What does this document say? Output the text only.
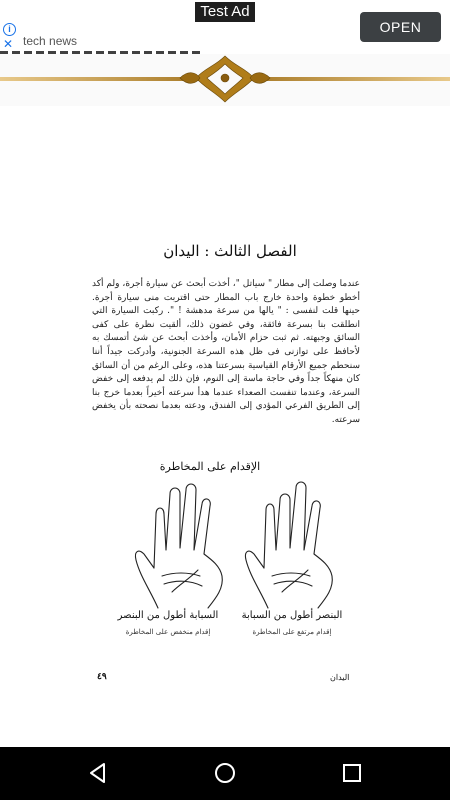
Test Ad
i
✕ tech news
OPEN
الفصل الثالث : اليدان
عندما وصلت إلى مطار " سياتل "، أخذت أبحث عن سيارة أجرة، ولم أكد أخطو خطوة واحدة خارج باب المطار حتى اقتربت منى سيارة أجرة. حينها قلت لنفسى : " يالها من سرعة مدهشة ! ". ركبت السيارة التي انطلقت بنا بسرعة فائقة، وفي غضون ذلك، ألقيت نظرة على كفى السائق وجبهته. ثم ثبت حزام الأمان، وأخذت أبحث عن شئ أتمسك به لأحافظ على توازنى فى ظل هذه السرعة الجنونية، وأدركت جيداً أننا سنحطم جميع الأرقام القياسية بسرعتنا هذه، وعلى الرغم من أن السائق كان منهكاً جداً وفي حاجة ماسة إلى النوم، فإن ذلك لم يدفعه إلى خفض السرعة، وعندما تنفست الصعداء عندما هدأ سرعته أخيراً بعدما خرج بنا إلى الطريق الفرعي المؤدي إلى الفندق، ودعته بعدما نصحته بأن يخفض سرعته.
الإقدام على المخاطرة
السبابة أطول من البنصر
إقدام منخفض على المخاطرة
البنصر أطول من السبابة
إقدام مرتفع على المخاطرة
٤٩	اليدان
